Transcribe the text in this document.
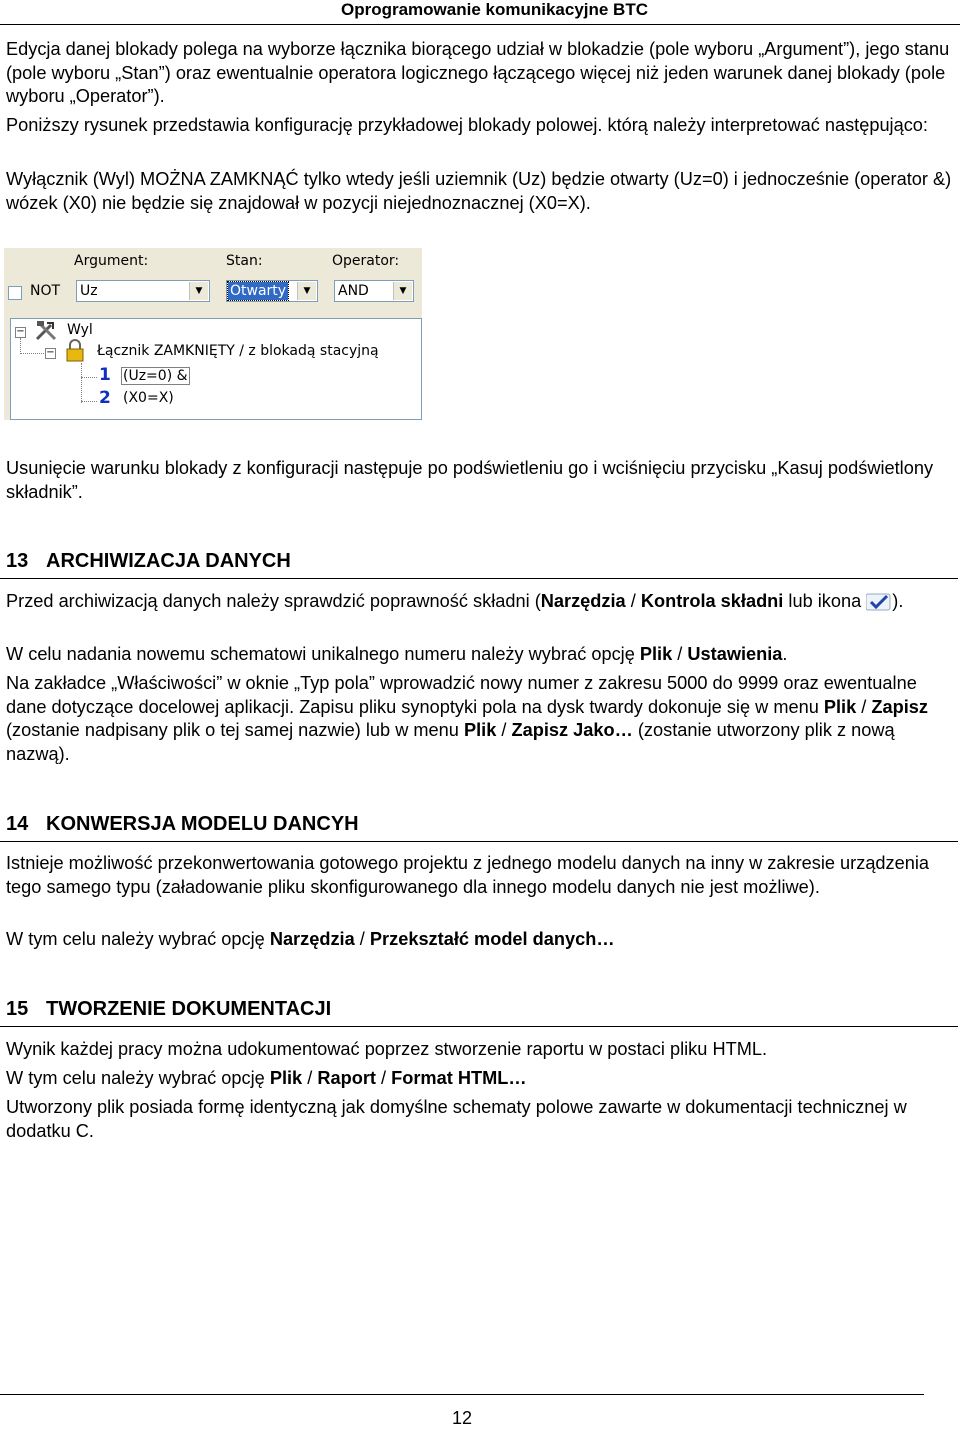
Oprogramowanie komunikacyjne BTC

Edycja danej blokady polega na wyborze łącznika biorącego udział w blokadzie (pole wyboru „Argument”), jego stanu (pole wyboru „Stan”) oraz ewentualnie operatora logicznego łączącego więcej niż jeden warunek danej blokady (pole wyboru „Operator”).

Poniższy rysunek przedstawia konfigurację przykładowej blokady polowej. którą należy interpretować następująco:

Wyłącznik (Wyl) MOŻNA ZAMKNĄĆ tylko wtedy jeśli uziemnik (Uz) będzie otwarty (Uz=0) i jednocześnie (operator &) wózek (X0) nie będzie się znajdował w pozycji niejednoznacznej (X0=X).

Argument:	Stan:	Operator:
NOT Uz	▼	Otwarty	▼	AND	▼
−	Wyl
−	Łącznik ZAMKNIĘTY / z blokadą stacyjną
1 (Uz=0) &
2 (X0=X)

Usunięcie warunku blokady z konfiguracji następuje po podświetleniu go i wciśnięciu przycisku „Kasuj podświetlony składnik”.

13 ARCHIWIZACJA DANYCH

Przed archiwizacją danych należy sprawdzić poprawność składni (Narzędzia / Kontrola składni lub ikona ).

W celu nadania nowemu schematowi unikalnego numeru należy wybrać opcję Plik / Ustawienia.

Na zakładce „Właściwości” w oknie „Typ pola” wprowadzić nowy numer z zakresu 5000 do 9999 oraz ewentualne dane dotyczące docelowej aplikacji. Zapisu pliku synoptyki pola na dysk twardy dokonuje się w menu Plik / Zapisz (zostanie nadpisany plik o tej samej nazwie) lub w menu Plik / Zapisz Jako… (zostanie utworzony plik z nową nazwą).

14 KONWERSJA MODELU DANCYH

Istnieje możliwość przekonwertowania gotowego projektu z jednego modelu danych na inny w zakresie urządzenia tego samego typu (załadowanie pliku skonfigurowanego dla innego modelu danych nie jest możliwe).

W tym celu należy wybrać opcję Narzędzia / Przekształć model danych…

15 TWORZENIE DOKUMENTACJI

Wynik każdej pracy można udokumentować poprzez stworzenie raportu w postaci pliku HTML.

W tym celu należy wybrać opcję Plik / Raport / Format HTML…

Utworzony plik posiada formę identyczną jak domyślne schematy polowe zawarte w dokumentacji technicznej w dodatku C.

12
